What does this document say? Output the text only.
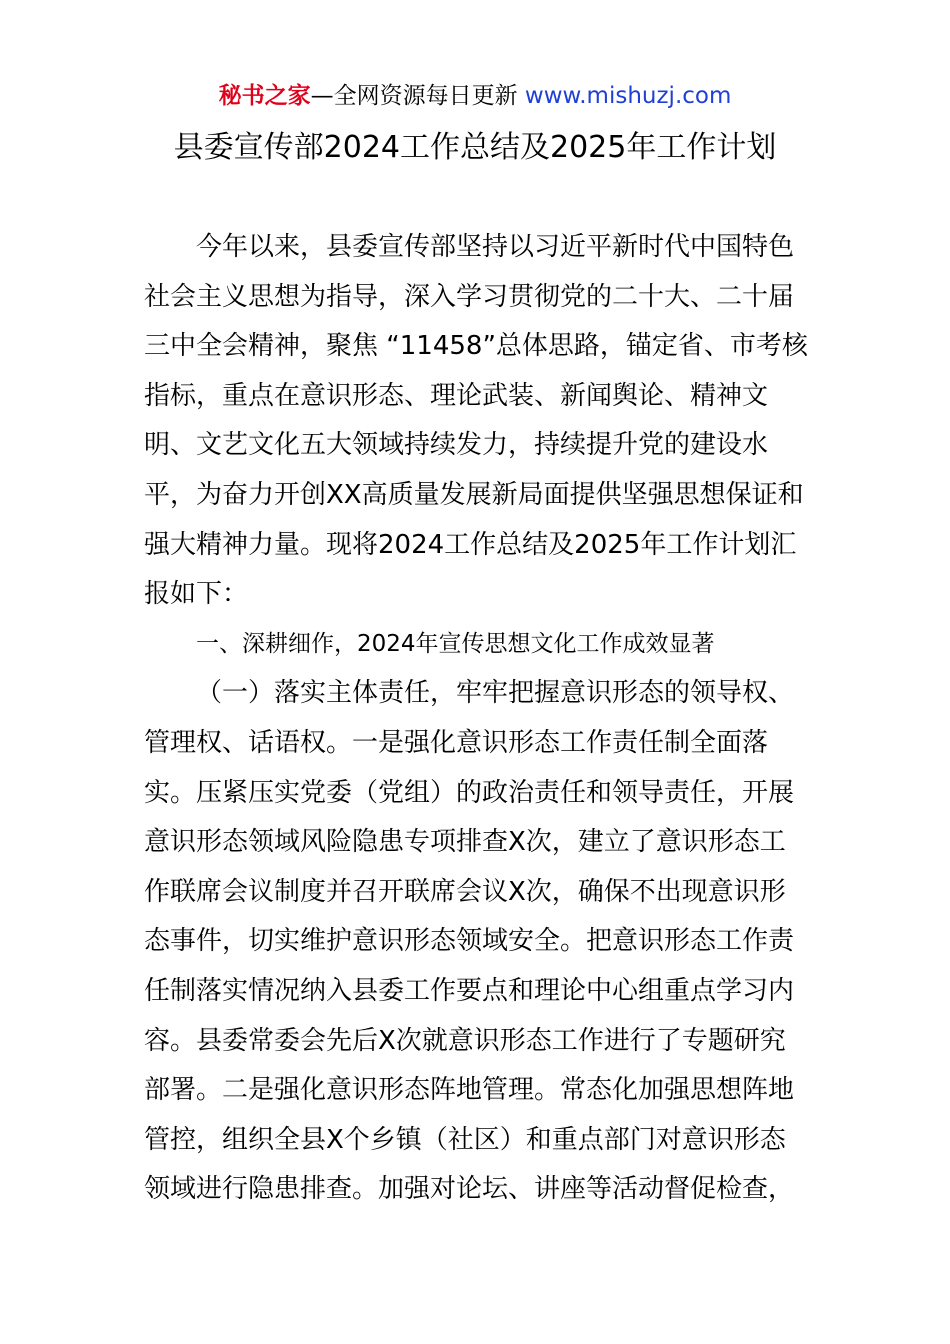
秘书之家—全网资源每日更新 www.mishuzj.com
县委宣传部2024工作总结及2025年工作计划
今年以来，县委宣传部坚持以习近平新时代中国特色
社会主义思想为指导，深入学习贯彻党的二十大、二十届
三中全会精神，聚焦 “11458”总体思路，锚定省、市考核
指标，重点在意识形态、理论武装、新闻舆论、精神文
明、文艺文化五大领域持续发力，持续提升党的建设水
平，为奋力开创XX高质量发展新局面提供坚强思想保证和
强大精神力量。现将2024工作总结及2025年工作计划汇
报如下：
一、深耕细作，2024年宣传思想文化工作成效显著
（一）落实主体责任，牢牢把握意识形态的领导权、
管理权、话语权。一是强化意识形态工作责任制全面落
实。压紧压实党委（党组）的政治责任和领导责任，开展
意识形态领域风险隐患专项排查X次，建立了意识形态工
作联席会议制度并召开联席会议X次，确保不出现意识形
态事件，切实维护意识形态领域安全。把意识形态工作责
任制落实情况纳入县委工作要点和理论中心组重点学习内
容。县委常委会先后X次就意识形态工作进行了专题研究
部署。二是强化意识形态阵地管理。常态化加强思想阵地
管控，组织全县X个乡镇（社区）和重点部门对意识形态
领域进行隐患排查。加强对论坛、讲座等活动督促检查，
